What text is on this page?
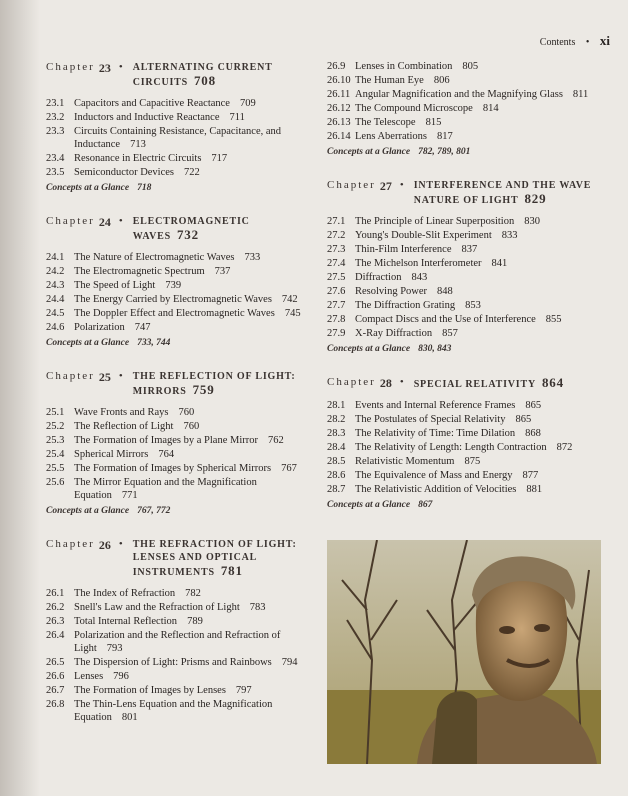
Contents • xi
Chapter 23 • ALTERNATING CURRENT CIRCUITS 708
23.1 Capacitors and Capacitive Reactance 709
23.2 Inductors and Inductive Reactance 711
23.3 Circuits Containing Resistance, Capacitance, and Inductance 713
23.4 Resonance in Electric Circuits 717
23.5 Semiconductor Devices 722
Concepts at a Glance 718
Chapter 24 • ELECTROMAGNETIC WAVES 732
24.1 The Nature of Electromagnetic Waves 733
24.2 The Electromagnetic Spectrum 737
24.3 The Speed of Light 739
24.4 The Energy Carried by Electromagnetic Waves 742
24.5 The Doppler Effect and Electromagnetic Waves 745
24.6 Polarization 747
Concepts at a Glance 733, 744
Chapter 25 • THE REFLECTION OF LIGHT: MIRRORS 759
25.1 Wave Fronts and Rays 760
25.2 The Reflection of Light 760
25.3 The Formation of Images by a Plane Mirror 762
25.4 Spherical Mirrors 764
25.5 The Formation of Images by Spherical Mirrors 767
25.6 The Mirror Equation and the Magnification Equation 771
Concepts at a Glance 767, 772
Chapter 26 • THE REFRACTION OF LIGHT: LENSES AND OPTICAL INSTRUMENTS 781
26.1 The Index of Refraction 782
26.2 Snell's Law and the Refraction of Light 783
26.3 Total Internal Reflection 789
26.4 Polarization and the Reflection and Refraction of Light 793
26.5 The Dispersion of Light: Prisms and Rainbows 794
26.6 Lenses 796
26.7 The Formation of Images by Lenses 797
26.8 The Thin-Lens Equation and the Magnification Equation 801
26.9 Lenses in Combination 805
26.10 The Human Eye 806
26.11 Angular Magnification and the Magnifying Glass 811
26.12 The Compound Microscope 814
26.13 The Telescope 815
26.14 Lens Aberrations 817
Concepts at a Glance 782, 789, 801
Chapter 27 • INTERFERENCE AND THE WAVE NATURE OF LIGHT 829
27.1 The Principle of Linear Superposition 830
27.2 Young's Double-Slit Experiment 833
27.3 Thin-Film Interference 837
27.4 The Michelson Interferometer 841
27.5 Diffraction 843
27.6 Resolving Power 848
27.7 The Diffraction Grating 853
27.8 Compact Discs and the Use of Interference 855
27.9 X-Ray Diffraction 857
Concepts at a Glance 830, 843
Chapter 28 • SPECIAL RELATIVITY 864
28.1 Events and Internal Reference Frames 865
28.2 The Postulates of Special Relativity 865
28.3 The Relativity of Time: Time Dilation 868
28.4 The Relativity of Length: Length Contraction 872
28.5 Relativistic Momentum 875
28.6 The Equivalence of Mass and Energy 877
28.7 The Relativistic Addition of Velocities 881
Concepts at a Glance 867
